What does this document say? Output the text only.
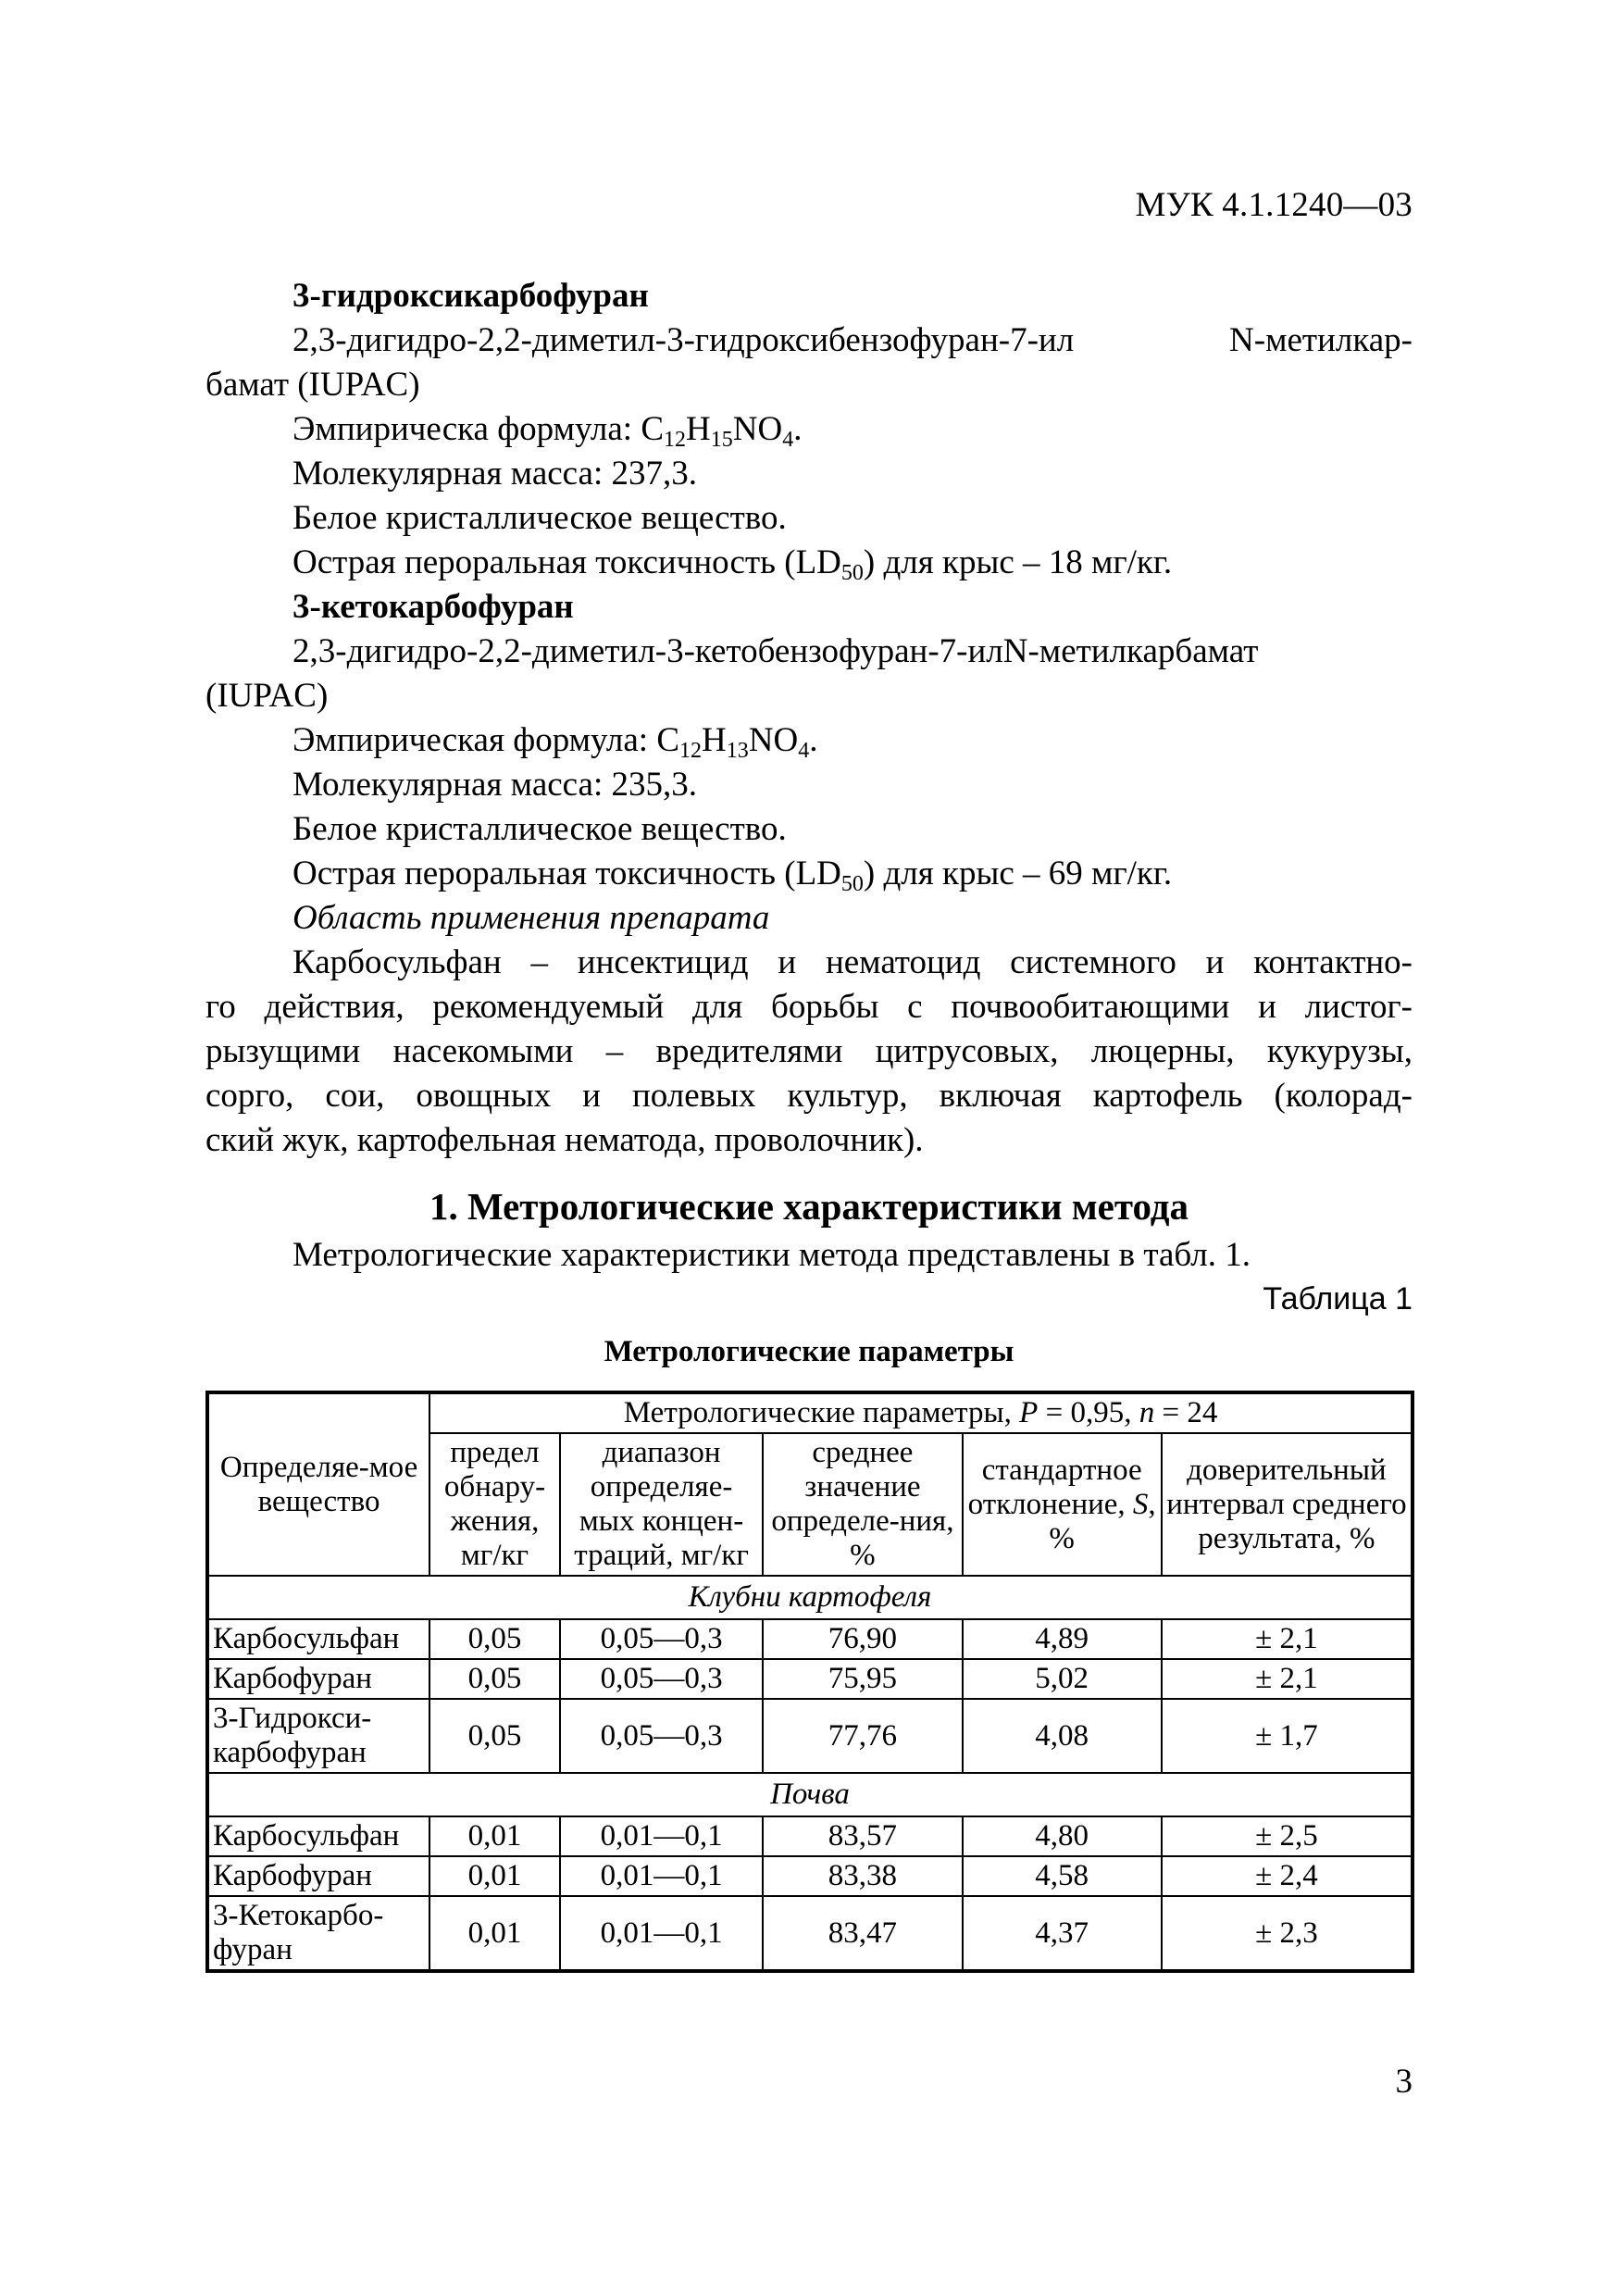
МУК 4.1.1240—03

3-гидроксикарбофуран

2,3-дигидро-2,2-диметил-3-гидроксибензофуран-7-ил N-метилкар-

бамат (IUPAC)

Эмпирическа формула: $C_{12}H_{15}NO_4$.

Молекулярная масса: 237,3.

Белое кристаллическое вещество.

Острая пероральная токсичность $(LD_{50})$ для крыс – 18 мг/кг.

3-кетокарбофуран

2,3-дигидро-2,2-диметил-3-кетобензофуран-7-илN-метилкарбамат

(IUPAC)

Эмпирическая формула: $C_{12}H_{13}NO_4$.

Молекулярная масса: 235,3.

Белое кристаллическое вещество.

Острая пероральная токсичность $(LD_{50})$ для крыс – 69 мг/кг.

Область применения препарата

Карбосульфан – инсектицид и нематоцид системного и контактно-

го действия, рекомендуемый для борьбы с почвообитающими и листог-

рызущими насекомыми – вредителями цитрусовых, люцерны, кукурузы,

сорго, сои, овощных и полевых культур, включая картофель (колорад-

ский жук, картофельная нематода, проволочник).

1. Метрологические характеристики метода

Метрологические характеристики метода представлены в табл. 1.

Таблица 1

Метрологические параметры

Определяе-мое вещество	Метрологические параметры, P = 0,95, n = 24				
	предел обнару-жения, мг/кг	диапазон определяе-мых концен-траций, мг/кг	среднее значение определе-ния, %	стандартное отклонение, S, %	доверительный интервал среднего результата, %
Клубни картофеля					
Карбосульфан	0,05	0,05—0,3	76,90	4,89	± 2,1
Карбофуран	0,05	0,05—0,3	75,95	5,02	± 2,1
3-Гидрокси-карбофуран	0,05	0,05—0,3	77,76	4,08	± 1,7
Почва					
Карбосульфан	0,01	0,01—0,1	83,57	4,80	± 2,5
Карбофуран	0,01	0,01—0,1	83,38	4,58	± 2,4
3-Кетокарбо-фуран	0,01	0,01—0,1	83,47	4,37	± 2,3
3
